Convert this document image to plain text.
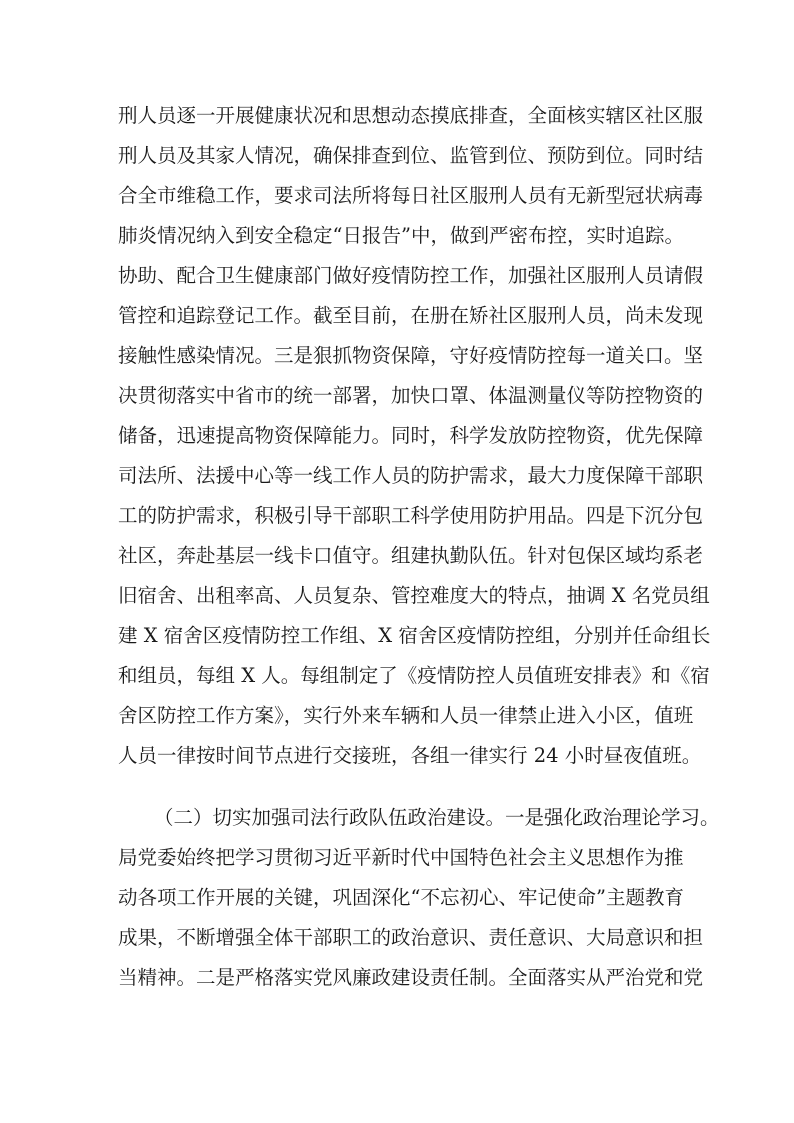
刑人员逐一开展健康状况和思想动态摸底排查，全面核实辖区社区服
刑人员及其家人情况，确保排查到位、监管到位、预防到位。同时结
合全市维稳工作，要求司法所将每日社区服刑人员有无新型冠状病毒
肺炎情况纳入到安全稳定“日报告”中，做到严密布控，实时追踪。
协助、配合卫生健康部门做好疫情防控工作，加强社区服刑人员请假
管控和追踪登记工作。截至目前，在册在矫社区服刑人员，尚未发现
接触性感染情况。三是狠抓物资保障，守好疫情防控每一道关口。坚
决贯彻落实中省市的统一部署，加快口罩、体温测量仪等防控物资的
储备，迅速提高物资保障能力。同时，科学发放防控物资，优先保障
司法所、法援中心等一线工作人员的防护需求，最大力度保障干部职
工的防护需求，积极引导干部职工科学使用防护用品。四是下沉分包
社区，奔赴基层一线卡口值守。组建执勤队伍。针对包保区域均系老
旧宿舍、出租率高、人员复杂、管控难度大的特点，抽调 X 名党员组
建 X 宿舍区疫情防控工作组、X 宿舍区疫情防控组，分别并任命组长
和组员，每组 X 人。每组制定了《疫情防控人员值班安排表》和《宿
舍区防控工作方案》，实行外来车辆和人员一律禁止进入小区，值班
人员一律按时间节点进行交接班，各组一律实行 24 小时昼夜值班。
（二）切实加强司法行政队伍政治建设。一是强化政治理论学习。
局党委始终把学习贯彻习近平新时代中国特色社会主义思想作为推
动各项工作开展的关键，巩固深化“不忘初心、牢记使命”主题教育
成果，不断增强全体干部职工的政治意识、责任意识、大局意识和担
当精神。二是严格落实党风廉政建设责任制。全面落实从严治党和党
